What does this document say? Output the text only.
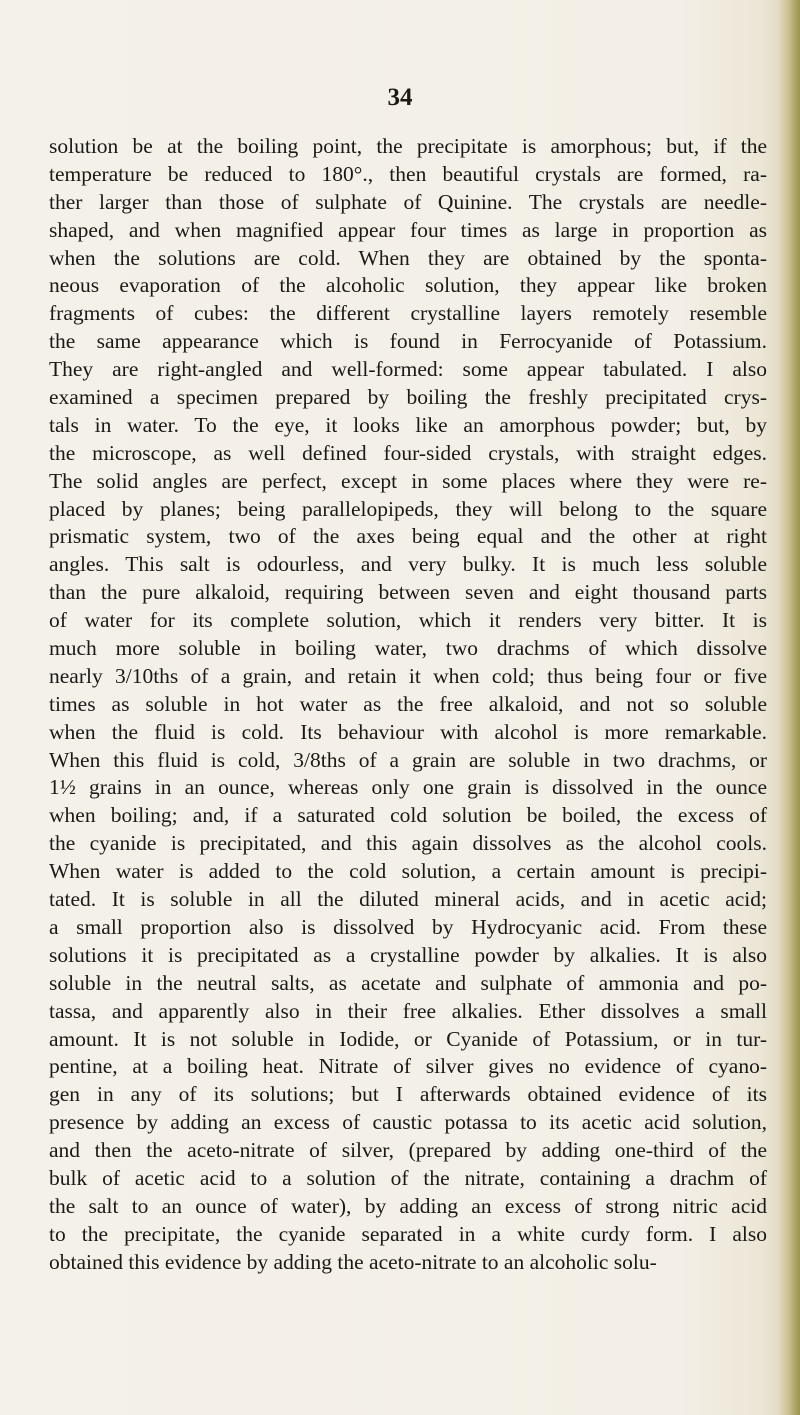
34
solution be at the boiling point, the precipitate is amorphous; but, if the
temperature be reduced to 180°., then beautiful crystals are formed, ra-
ther larger than those of sulphate of Quinine. The crystals are needle-
shaped, and when magnified appear four times as large in proportion as
when the solutions are cold. When they are obtained by the sponta-
neous evaporation of the alcoholic solution, they appear like broken
fragments of cubes: the different crystalline layers remotely resemble
the same appearance which is found in Ferrocyanide of Potassium.
They are right-angled and well-formed: some appear tabulated. I also
examined a specimen prepared by boiling the freshly precipitated crys-
tals in water. To the eye, it looks like an amorphous powder; but, by
the microscope, as well defined four-sided crystals, with straight edges.
The solid angles are perfect, except in some places where they were re-
placed by planes; being parallelopipeds, they will belong to the square
prismatic system, two of the axes being equal and the other at right
angles. This salt is odourless, and very bulky. It is much less soluble
than the pure alkaloid, requiring between seven and eight thousand parts
of water for its complete solution, which it renders very bitter. It is
much more soluble in boiling water, two drachms of which dissolve
nearly 3/10ths of a grain, and retain it when cold; thus being four or five
times as soluble in hot water as the free alkaloid, and not so soluble
when the fluid is cold. Its behaviour with alcohol is more remarkable.
When this fluid is cold, 3/8ths of a grain are soluble in two drachms, or
1½ grains in an ounce, whereas only one grain is dissolved in the ounce
when boiling; and, if a saturated cold solution be boiled, the excess of
the cyanide is precipitated, and this again dissolves as the alcohol cools.
When water is added to the cold solution, a certain amount is precipi-
tated. It is soluble in all the diluted mineral acids, and in acetic acid;
a small proportion also is dissolved by Hydrocyanic acid. From these
solutions it is precipitated as a crystalline powder by alkalies. It is also
soluble in the neutral salts, as acetate and sulphate of ammonia and po-
tassa, and apparently also in their free alkalies. Ether dissolves a small
amount. It is not soluble in Iodide, or Cyanide of Potassium, or in tur-
pentine, at a boiling heat. Nitrate of silver gives no evidence of cyano-
gen in any of its solutions; but I afterwards obtained evidence of its
presence by adding an excess of caustic potassa to its acetic acid solution,
and then the aceto-nitrate of silver, (prepared by adding one-third of the
bulk of acetic acid to a solution of the nitrate, containing a drachm of
the salt to an ounce of water), by adding an excess of strong nitric acid
to the precipitate, the cyanide separated in a white curdy form. I also
obtained this evidence by adding the aceto-nitrate to an alcoholic solu-
